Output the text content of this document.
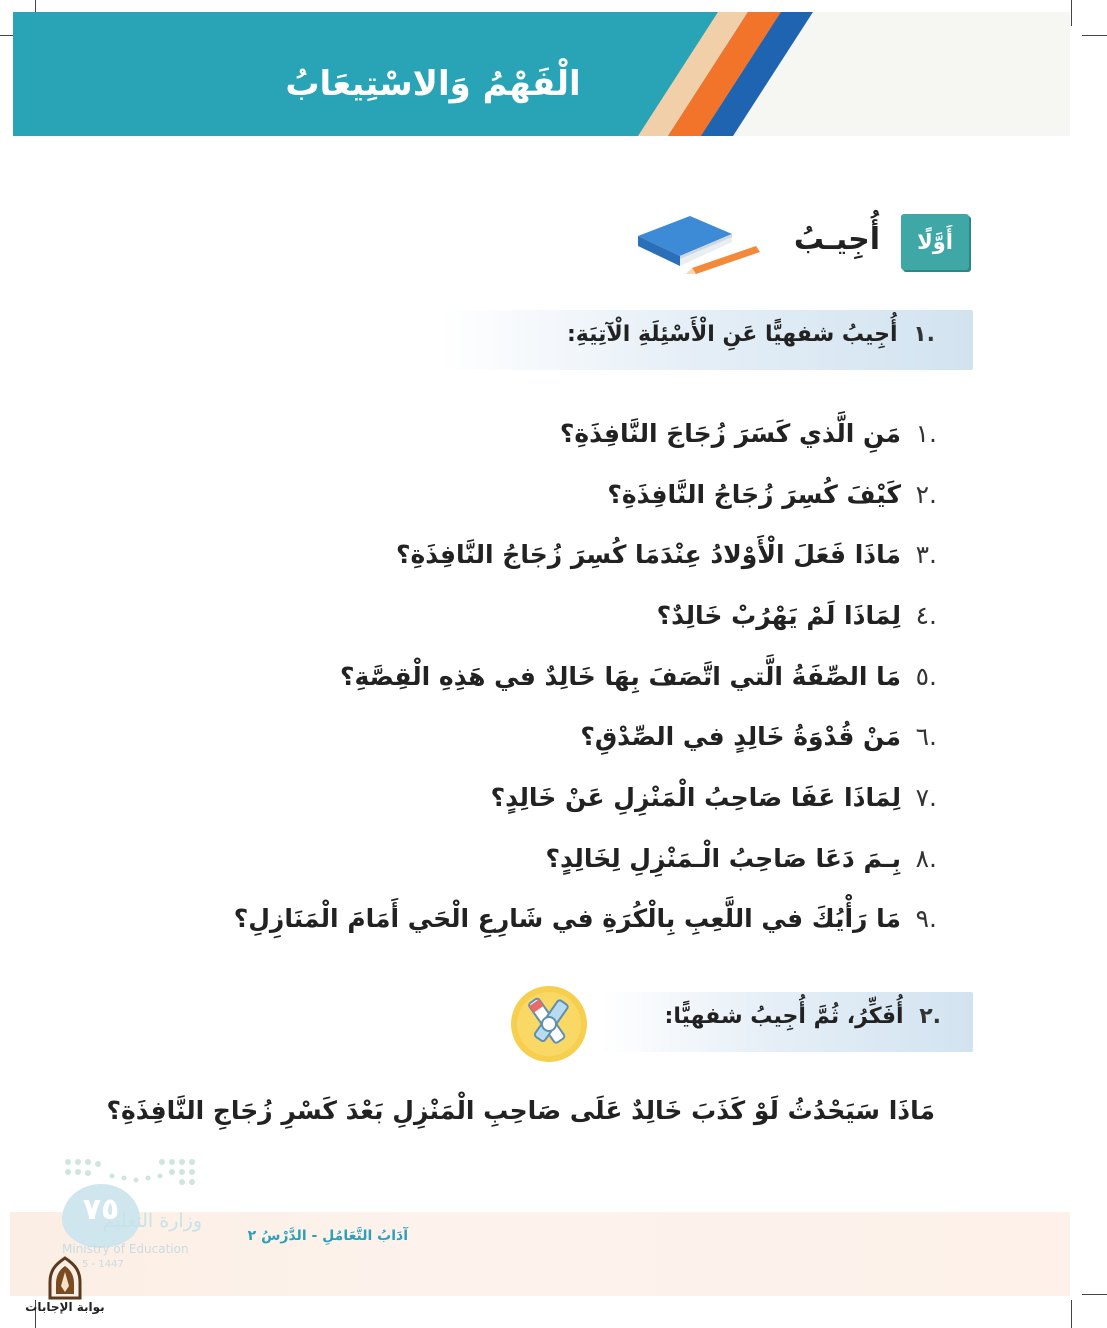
الْفَهْمُ وَالاسْتِيعَابُ
أَوَّلًا
أُجِيـبُ
.١ أُجِيبُ شفهيًّا عَنِ الْأَسْئِلَةِ الْآتِيَةِ:
.١
مَنِ الَّذي كَسَرَ زُجَاجَ النَّافِذَةِ؟
.٢
كَيْفَ كُسِرَ زُجَاجُ النَّافِذَةِ؟
.٣
مَاذَا فَعَلَ الْأَوْلادُ عِنْدَمَا كُسِرَ زُجَاجُ النَّافِذَةِ؟
.٤
لِمَاذَا لَمْ يَهْرُبْ خَالِدٌ؟
.٥
مَا الصِّفَةُ الَّتي اتَّصَفَ بِهَا خَالِدٌ في هَذِهِ الْقِصَّةِ؟
.٦
مَنْ قُدْوَةُ خَالِدٍ في الصِّدْقِ؟
.٧
لِمَاذَا عَفَا صَاحِبُ الْمَنْزِلِ عَنْ خَالِدٍ؟
.٨
بِـمَ دَعَا صَاحِبُ الْـمَنْزِلِ لِخَالِدٍ؟
.٩
مَا رَأْيُكَ في اللَّعِبِ بِالْكُرَةِ في شَارِعِ الْحَي أَمَامَ الْمَنَازِلِ؟
.٢ أُفَكِّرُ، ثُمَّ أُجِيبُ شفهيًّا:
مَاذَا سَيَحْدُثُ لَوْ كَذَبَ خَالِدٌ عَلَى صَاحِبِ الْمَنْزِلِ بَعْدَ كَسْرِ زُجَاجِ النَّافِذَةِ؟
٧٥
وزارة التعليم
Ministry of Education
5 - 1447
آدَابُ التَّعَامُلِ - الدَّرْسُ ٢
بوابة الإجابات
